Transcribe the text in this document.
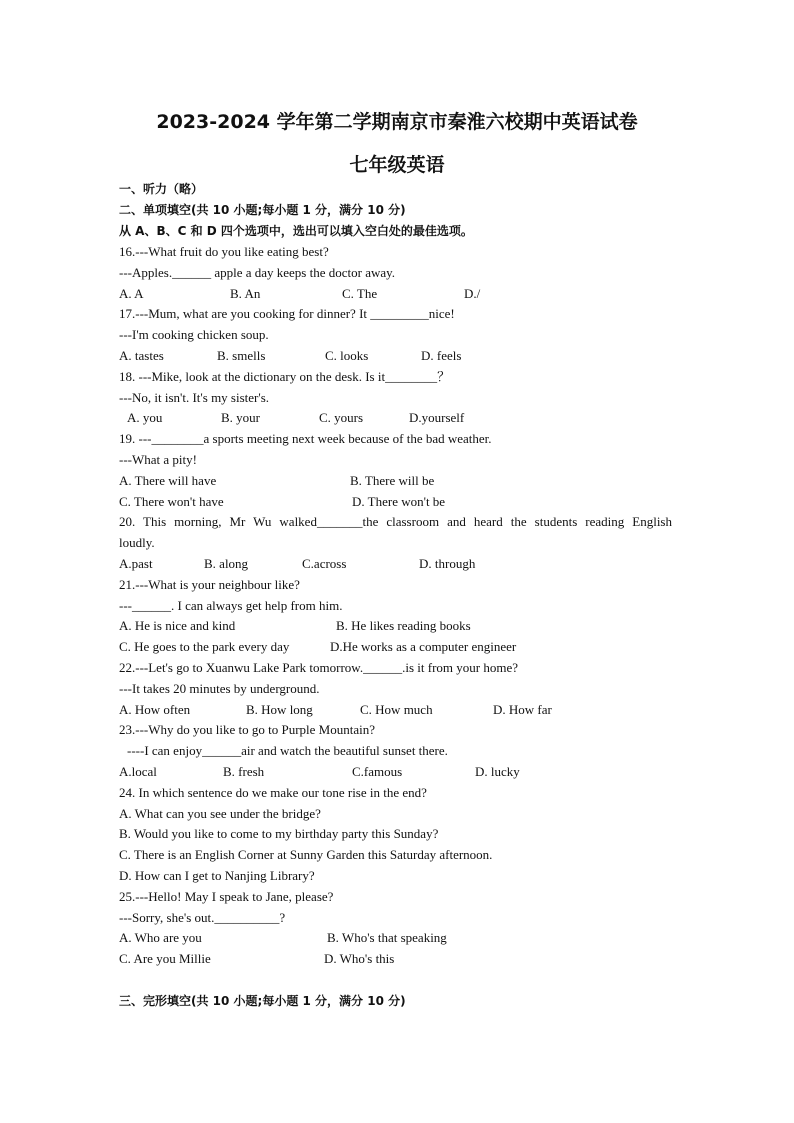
2023-2024 学年第二学期南京市秦淮六校期中英语试卷
七年级英语
一、听力（略）
二、单项填空(共 10 小题;每小题 1 分，满分 10 分)
从 A、B、C 和 D 四个选项中，选出可以填入空白处的最佳选项。
16.---What fruit do you like eating best?
---Apples.______ apple a day keeps the doctor away.
A. A	B. An	C. The	D./
17.---Mum, what are you cooking for dinner? It _________nice!
---I'm cooking chicken soup.
A. tastes	B. smells	C. looks	D. feels
18. ---Mike, look at the dictionary on the desk. Is it________？
---No, it isn't. It's my sister's.
A. you	B. your	C. yours	D.yourself
19. ---________a sports meeting next week because of the bad weather.
---What a pity!
A. There will have	B. There will be
C. There won't have	D. There won't be
20. This morning, Mr Wu walked_______the classroom and heard the students reading English
loudly.
A.past	B. along	C.across	D. through
21.---What is your neighbour like?
---______. I can always get help from him.
A. He is nice and kind	B. He likes reading books
C. He goes to the park every day	D.He works as a computer engineer
22.---Let's go to Xuanwu Lake Park tomorrow.______.is it from your home?
---It takes 20 minutes by underground.
A. How often	B. How long	C. How much	D. How far
23.---Why do you like to go to Purple Mountain?
----I can enjoy______air and watch the beautiful sunset there.
A.local	B. fresh	C.famous	D. lucky
24. In which sentence do we make our tone rise in the end?
A. What can you see under the bridge?
B. Would you like to come to my birthday party this Sunday?
C. There is an English Corner at Sunny Garden this Saturday afternoon.
D. How can I get to Nanjing Library?
25.---Hello! May I speak to Jane, please?
---Sorry, she's out.__________?
A. Who are you	B. Who's that speaking
C. Are you Millie	D. Who's this
三、完形填空(共 10 小题;每小题 1 分，满分 10 分)
